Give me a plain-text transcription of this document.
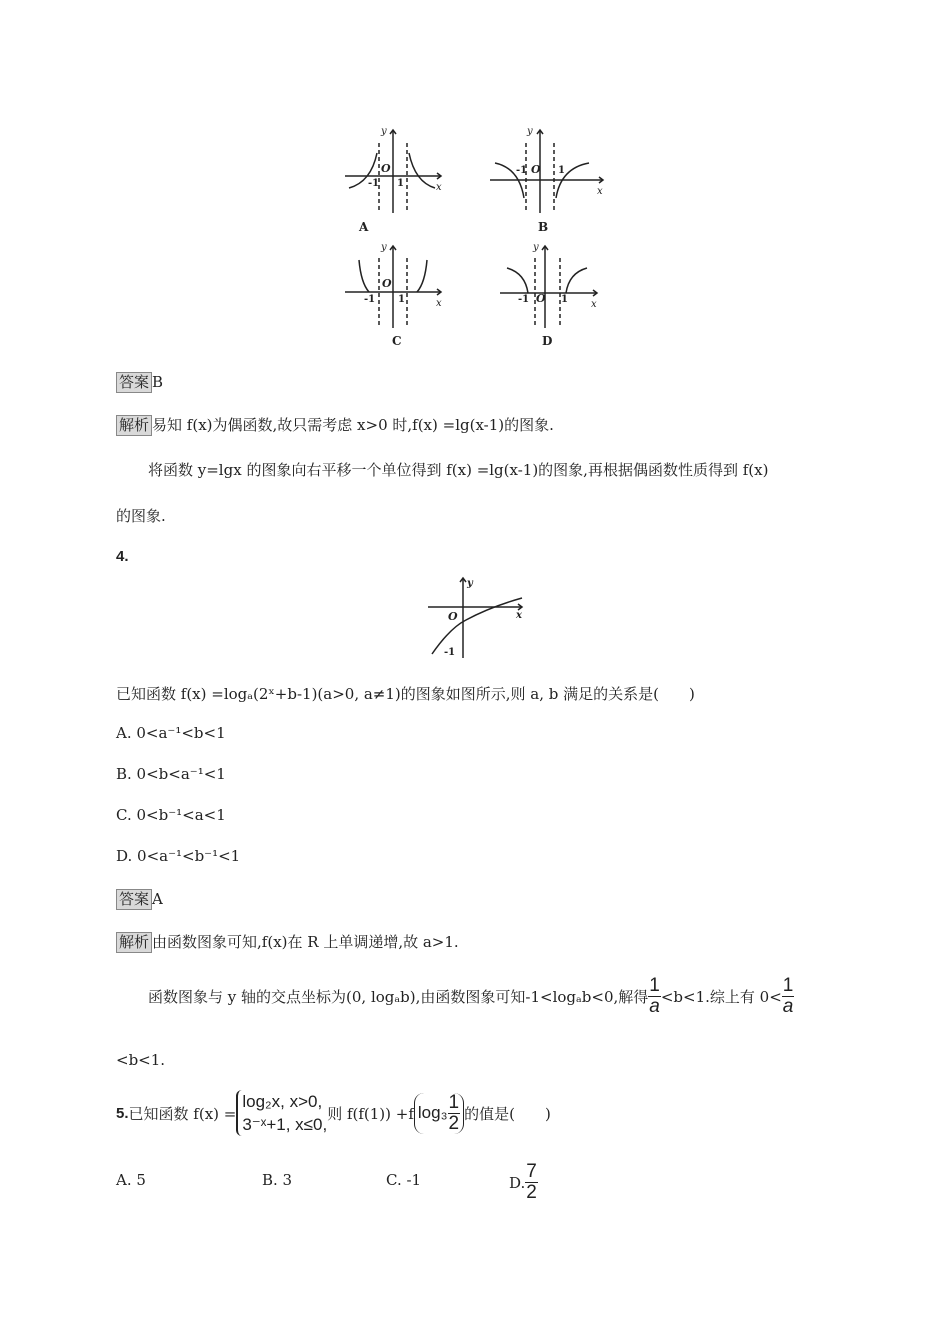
y
x
y
x
y
x
y
x
O	O
O
O
-1 1
-1	1
-1 1	-1	1
A	B
C	D
答案 B
解析 易知 f(x)为偶函数,故只需考虑 x>0 时,f(x) =lg(x-1)的图象.
将函数 y=lgx 的图象向右平移一个单位得到 f(x) =lg(x-1)的图象,再根据偶函数性质得到 f(x)
的图象.
4.
y
x
O
-1
已知函数 f(x) =logₐ(2ˣ+b-1)(a>0, a≠1)的图象如图所示,则 a, b 满足的关系是(　　)
A. 0<a⁻¹<b<1
B. 0<b<a⁻¹<1
C. 0<b⁻¹<a<1
D. 0<a⁻¹<b⁻¹<1
答案 A
解析 由函数图象可知,f(x)在 R 上单调递增,故 a>1.
函数图象与 y 轴的交点坐标为(0, logₐb),由函数图象可知-1<logₐb<0,解得 $\frac{1}{a} <b<1$.综上有 $0< \frac{1}{a}$
<b<1.
5. 已知函数 f(x) =
log₂x, x>0,
3⁻ˣ+1, x≤0,
则 f(f(1)) +f $\log_3 \frac{1}{2}$ 的值是(　　)
A. 5	B. 3	C. -1	D. $\frac{7}{2}$
